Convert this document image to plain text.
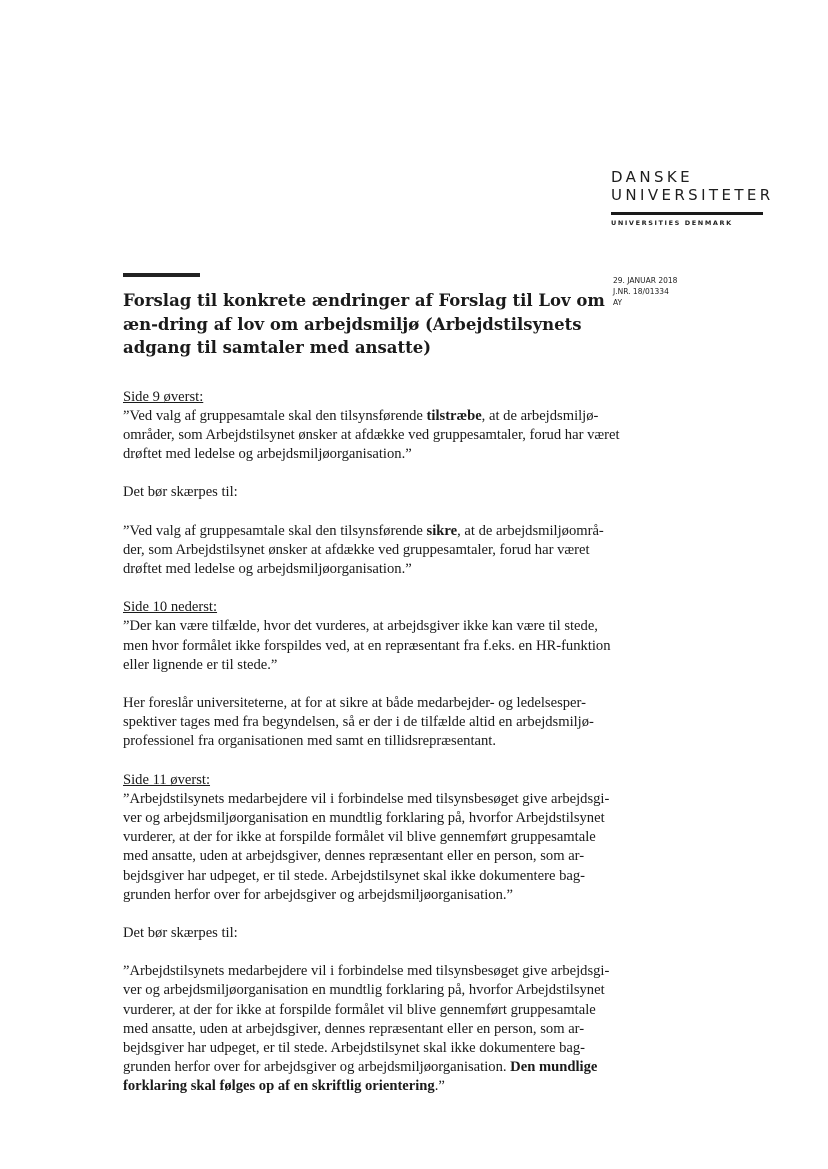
DANSKE
UNIVERSITETER
UNIVERSITIES DENMARK
29. JANUAR 2018
J.NR. 18/01334
AY
Forslag til konkrete ændringer af Forslag til Lov om æn-dring af lov om arbejdsmiljø (Arbejdstilsynets adgang til samtaler med ansatte)

Side 9 øverst:
”Ved valg af gruppesamtale skal den tilsynsførende tilstræbe, at de arbejdsmiljø-områder, som Arbejdstilsynet ønsker at afdække ved gruppesamtaler, forud har været drøftet med ledelse og arbejdsmiljøorganisation.”

Det bør skærpes til:

”Ved valg af gruppesamtale skal den tilsynsførende sikre, at de arbejdsmiljøområ-der, som Arbejdstilsynet ønsker at afdække ved gruppesamtaler, forud har været drøftet med ledelse og arbejdsmiljøorganisation.”

Side 10 nederst:
”Der kan være tilfælde, hvor det vurderes, at arbejdsgiver ikke kan være til stede, men hvor formålet ikke forspildes ved, at en repræsentant fra f.eks. en HR-funktion eller lignende er til stede.”

Her foreslår universiteterne, at for at sikre at både medarbejder- og ledelsesper-spektiver tages med fra begyndelsen, så er der i de tilfælde altid en arbejdsmiljø-professionel fra organisationen med samt en tillidsrepræsentant.

Side 11 øverst:
”Arbejdstilsynets medarbejdere vil i forbindelse med tilsynsbesøget give arbejdsgi-ver og arbejdsmiljøorganisation en mundtlig forklaring på, hvorfor Arbejdstilsynet vurderer, at der for ikke at forspilde formålet vil blive gennemført gruppesamtale med ansatte, uden at arbejdsgiver, dennes repræsentant eller en person, som ar-bejdsgiver har udpeget, er til stede. Arbejdstilsynet skal ikke dokumentere bag-grunden herfor over for arbejdsgiver og arbejdsmiljøorganisation.”

Det bør skærpes til:

”Arbejdstilsynets medarbejdere vil i forbindelse med tilsynsbesøget give arbejdsgi-ver og arbejdsmiljøorganisation en mundtlig forklaring på, hvorfor Arbejdstilsynet vurderer, at der for ikke at forspilde formålet vil blive gennemført gruppesamtale med ansatte, uden at arbejdsgiver, dennes repræsentant eller en person, som ar-bejdsgiver har udpeget, er til stede. Arbejdstilsynet skal ikke dokumentere bag-grunden herfor over for arbejdsgiver og arbejdsmiljøorganisation. Den mundlige forklaring skal følges op af en skriftlig orientering.”
